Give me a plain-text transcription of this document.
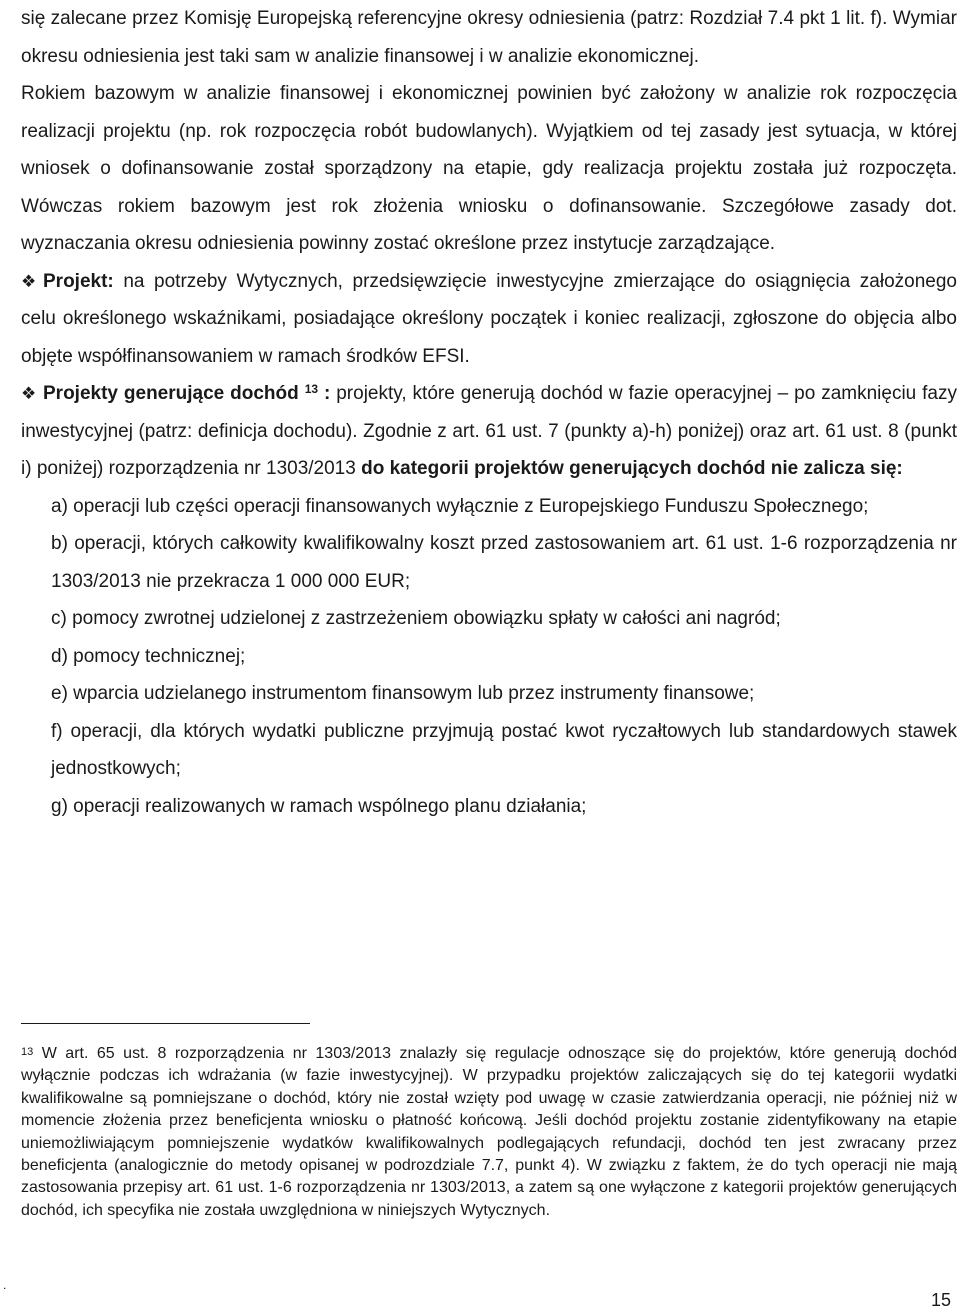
się zalecane przez Komisję Europejską referencyjne okresy odniesienia (patrz: Rozdział 7.4 pkt 1 lit. f). Wymiar okresu odniesienia jest taki sam w analizie finansowej i w analizie ekonomicznej.

Rokiem bazowym w analizie finansowej i ekonomicznej powinien być założony w analizie rok rozpoczęcia realizacji projektu (np. rok rozpoczęcia robót budowlanych). Wyjątkiem od tej zasady jest sytuacja, w której wniosek o dofinansowanie został sporządzony na etapie, gdy realizacja projektu została już rozpoczęta. Wówczas rokiem bazowym jest rok złożenia wniosku o dofinansowanie. Szczegółowe zasady dot. wyznaczania okresu odniesienia powinny zostać określone przez instytucje zarządzające.

❖ Projekt: na potrzeby Wytycznych, przedsięwzięcie inwestycyjne zmierzające do osiągnięcia założonego celu określonego wskaźnikami, posiadające określony początek i koniec realizacji, zgłoszone do objęcia albo objęte współfinansowaniem w ramach środków EFSI.

❖ Projekty generujące dochód $^{13}$ : projekty, które generują dochód w fazie operacyjnej – po zamknięciu fazy inwestycyjnej (patrz: definicja dochodu). Zgodnie z art. 61 ust. 7 (punkty a)-h) poniżej) oraz art. 61 ust. 8 (punkt i) poniżej) rozporządzenia nr 1303/2013 do kategorii projektów generujących dochód nie zalicza się:

a) operacji lub części operacji finansowanych wyłącznie z Europejskiego Funduszu Społecznego;
b) operacji, których całkowity kwalifikowalny koszt przed zastosowaniem art. 61 ust. 1-6 rozporządzenia nr 1303/2013 nie przekracza 1 000 000 EUR;
c) pomocy zwrotnej udzielonej z zastrzeżeniem obowiązku spłaty w całości ani nagród;
d) pomocy technicznej;
e) wparcia udzielanego instrumentom finansowym lub przez instrumenty finansowe;
f) operacji, dla których wydatki publiczne przyjmują postać kwot ryczałtowych lub standardowych stawek jednostkowych;
g) operacji realizowanych w ramach wspólnego planu działania;

$^{13}$ W art. 65 ust. 8 rozporządzenia nr 1303/2013 znalazły się regulacje odnoszące się do projektów, które generują dochód wyłącznie podczas ich wdrażania (w fazie inwestycyjnej). W przypadku projektów zaliczających się do tej kategorii wydatki kwalifikowalne są pomniejszane o dochód, który nie został wzięty pod uwagę w czasie zatwierdzania operacji, nie później niż w momencie złożenia przez beneficjenta wniosku o płatność końcową. Jeśli dochód projektu zostanie zidentyfikowany na etapie uniemożliwiającym pomniejszenie wydatków kwalifikowalnych podlegających refundacji, dochód ten jest zwracany przez beneficjenta (analogicznie do metody opisanej w podrozdziale 7.7, punkt 4). W związku z faktem, że do tych operacji nie mają zastosowania przepisy art. 61 ust. 1-6 rozporządzenia nr 1303/2013, a zatem są one wyłączone z kategorii projektów generujących dochód, ich specyfika nie została uwzględniona w niniejszych Wytycznych.

.
15
